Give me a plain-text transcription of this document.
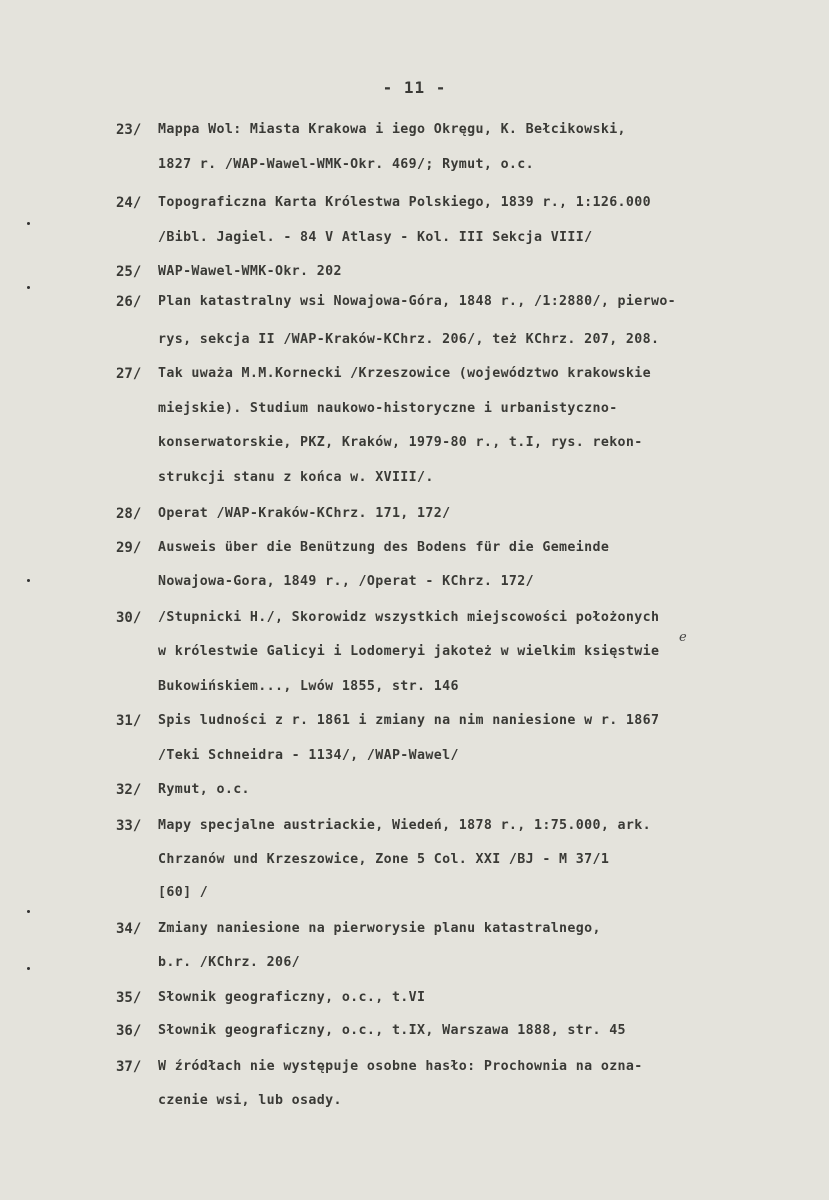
- 11 -
23/ Mappa Wol: Miasta Krakowa i iego Okręgu, K. Bełcikowski,
1827 r. /WAP-Wawel-WMK-Okr. 469/; Rymut, o.c.
24/ Topograficzna Karta Królestwa Polskiego, 1839 r., 1:126.000
/Bibl. Jagiel. - 84 V Atlasy - Kol. III Sekcja VIII/
25/ WAP-Wawel-WMK-Okr. 202
26/ Plan katastralny wsi Nowajowa-Góra, 1848 r., /1:2880/, pierwo-
rys, sekcja II /WAP-Kraków-KChrz. 206/, też KChrz. 207, 208.
27/ Tak uważa M.M.Kornecki /Krzeszowice (województwo krakowskie
miejskie). Studium naukowo-historyczne i urbanistyczno-
konserwatorskie, PKZ, Kraków, 1979-80 r., t.I, rys. rekon-
strukcji stanu z końca w. XVIII/.
28/ Operat /WAP-Kraków-KChrz. 171, 172/
29/ Ausweis über die Benützung des Bodens für die Gemeinde
Nowajowa-Gora, 1849 r., /Operat - KChrz. 172/
30/ /Stupnicki H./, Skorowidz wszystkich miejscowości położonych
w królestwie Galicyi i Lodomeryi jakoteż w wielkim księstwie
Bukowińskiem..., Lwów 1855, str. 146
31/ Spis ludności z r. 1861 i zmiany na nim naniesione w r. 1867
/Teki Schneidra - 1134/, /WAP-Wawel/
32/ Rymut, o.c.
33/ Mapy specjalne austriackie, Wiedeń, 1878 r., 1:75.000, ark.
Chrzanów und Krzeszowice, Zone 5 Col. XXI /BJ - M 37/1
[60] /
34/ Zmiany naniesione na pierworysie planu katastralnego,
b.r. /KChrz. 206/
35/ Słownik geograficzny, o.c., t.VI
36/ Słownik geograficzny, o.c., t.IX, Warszawa 1888, str. 45
37/ W źródłach nie występuje osobne hasło: Prochownia na ozna-
czenie wsi, lub osady.
e
